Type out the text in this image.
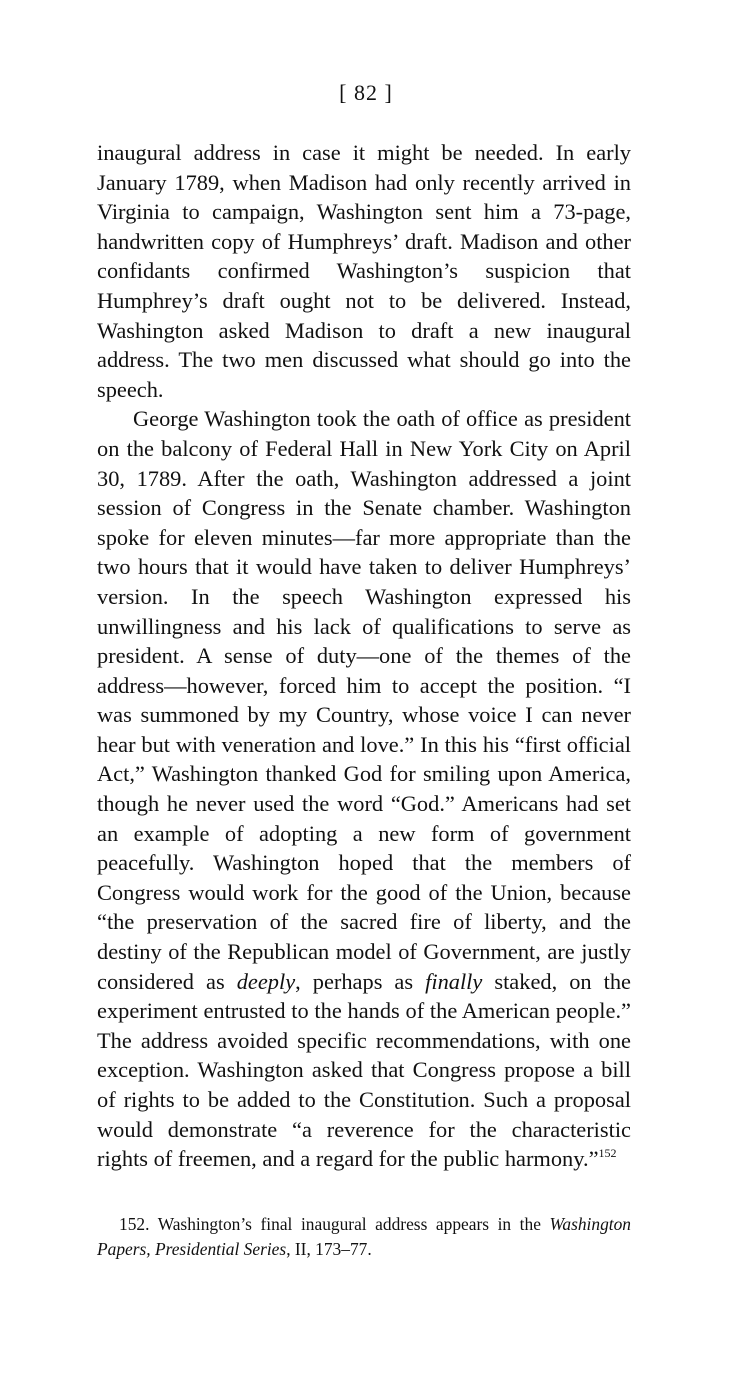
[ 82 ]

inaugural address in case it might be needed. In early January 1789, when Madison had only recently arrived in Virginia to campaign, Washington sent him a 73-page, handwritten copy of Humphreys’ draft. Madison and other confidants confirmed Washington’s suspicion that Humphrey’s draft ought not to be delivered. Instead, Washington asked Madison to draft a new inaugural address. The two men discussed what should go into the speech.

George Washington took the oath of office as president on the balcony of Federal Hall in New York City on April 30, 1789. After the oath, Washington addressed a joint session of Congress in the Senate chamber. Washington spoke for eleven minutes—far more appropriate than the two hours that it would have taken to deliver Humphreys’ version. In the speech Washington expressed his unwillingness and his lack of qualifications to serve as president. A sense of duty—one of the themes of the address—however, forced him to accept the position. “I was summoned by my Country, whose voice I can never hear but with veneration and love.” In this his “first official Act,” Washington thanked God for smiling upon America, though he never used the word “God.” Americans had set an example of adopting a new form of government peacefully. Washington hoped that the members of Congress would work for the good of the Union, because “the preservation of the sacred fire of liberty, and the destiny of the Republican model of Government, are justly considered as deeply, perhaps as finally staked, on the experiment entrusted to the hands of the American people.” The address avoided specific recommendations, with one exception. Washington asked that Congress propose a bill of rights to be added to the Constitution. Such a proposal would demonstrate “a reverence for the characteristic rights of freemen, and a regard for the public harmony.”$^{152}$

152. Washington’s final inaugural address appears in the Washington Papers, Presidential Series, II, 173–77.
